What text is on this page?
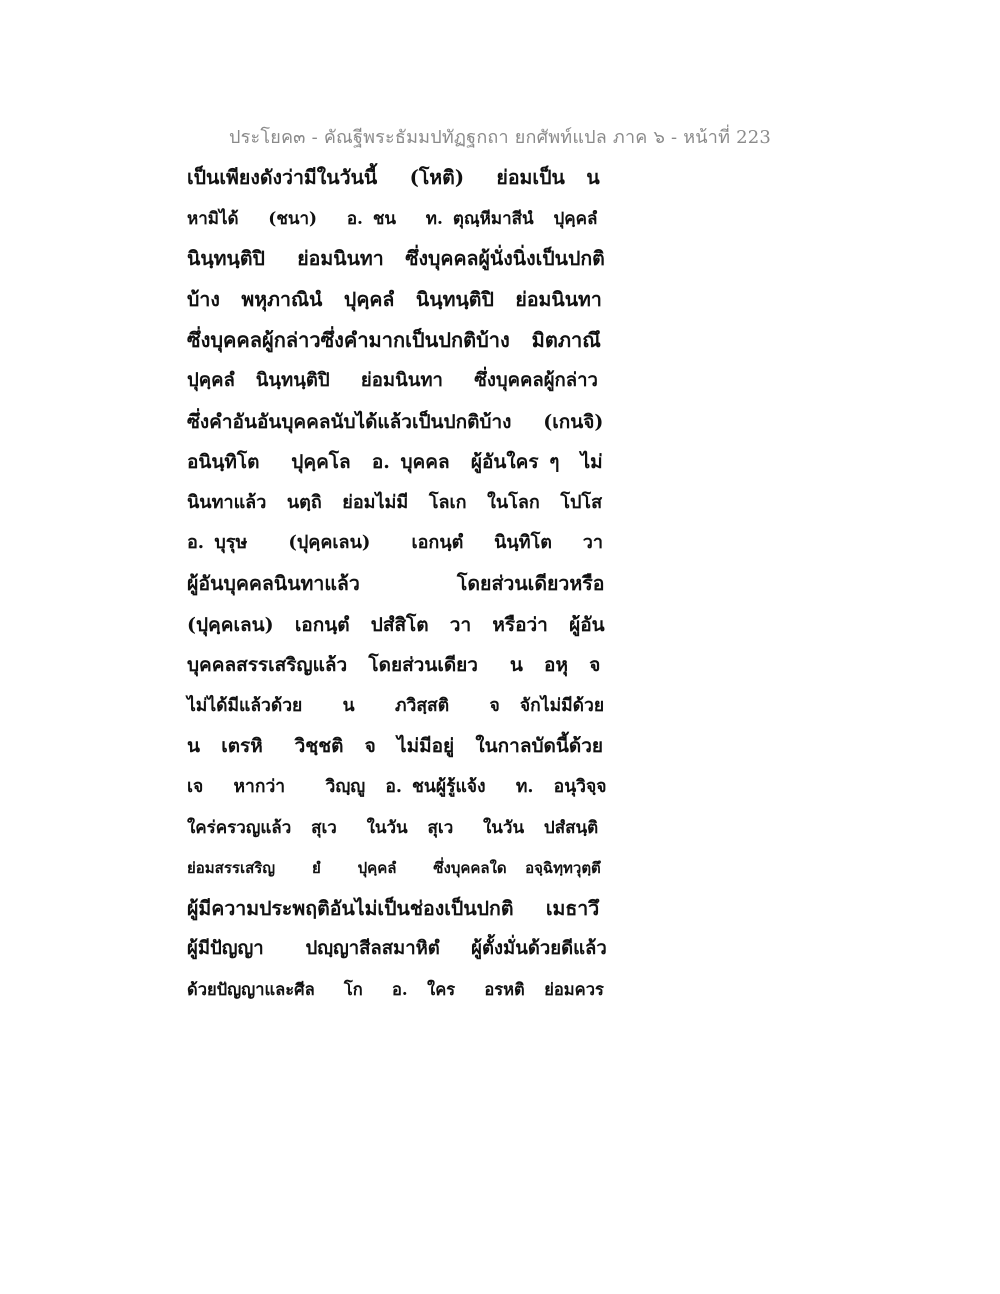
ประโยค๓ - คัณฐีพระธัมมปทัฏฐกถา ยกศัพท์แปล ภาค ๖ - หน้าที่ 223
เป็นเพียงดังว่ามีในวันนี้   (โหติ)   ย่อมเป็น  น
หามิได้   (ชนา)   อ. ชน   ท. ตุณฺหีมาสีนํ  ปุคฺคลํ
นินฺทนฺติปิ   ย่อมนินทา  ซึ่งบุคคลผู้นั่งนิ่งเป็นปกติ
บ้าง  พหุภาณินํ  ปุคฺคลํ  นินฺทนฺติปิ  ย่อมนินทา
ซึ่งบุคคลผู้กล่าวซึ่งคำมากเป็นปกติบ้าง  มิตภาณึ
ปุคฺคลํ  นินฺทนฺติปิ   ย่อมนินทา   ซึ่งบุคคลผู้กล่าว
ซึ่งคำอันอันบุคคลนับได้แล้วเป็นปกติบ้าง   (เกนจิ)
อนินฺทิโต   ปุคฺคโล  อ. บุคคล  ผู้อันใคร ๆ  ไม่
นินทาแล้ว  นตฺถิ  ย่อมไม่มี  โลเก  ในโลก  โปโส
อ. บุรุษ    (ปุคฺคเลน)    เอกนฺตํ   นินฺทิโต   วา
ผู้อันบุคคลนินทาแล้ว         โดยส่วนเดียวหรือ
(ปุคฺคเลน)  เอกนฺตํ  ปสํสิโต  วา  หรือว่า  ผู้อัน
บุคคลสรรเสริญแล้ว  โดยส่วนเดียว   น  อหุ  จ
ไม่ได้มีแล้วด้วย    น    ภวิสฺสติ    จ  จักไม่มีด้วย
น  เตรหิ   วิชฺชติ  จ  ไม่มีอยู่  ในกาลบัดนี้ด้วย
เจ   หากว่า    วิญฺญู  อ. ชนผู้รู้แจ้ง   ท.  อนุวิจฺจ
ใคร่ครวญแล้ว  สุเว   ในวัน  สุเว   ในวัน  ปสํสนฺติ
ย่อมสรรเสริญ    ยํ    ปุคฺคลํ    ซึ่งบุคคลใด  อจฺฉิทฺทวุตฺตึ
ผู้มีความประพฤติอันไม่เป็นช่องเป็นปกติ   เมธาวึ
ผู้มีปัญญา    ปญฺญาสีลสมาหิตํ   ผู้ตั้งมั่นด้วยดีแล้ว
ด้วยปัญญาและศีล   โก   อ.  ใคร   อรหติ  ย่อมควร
